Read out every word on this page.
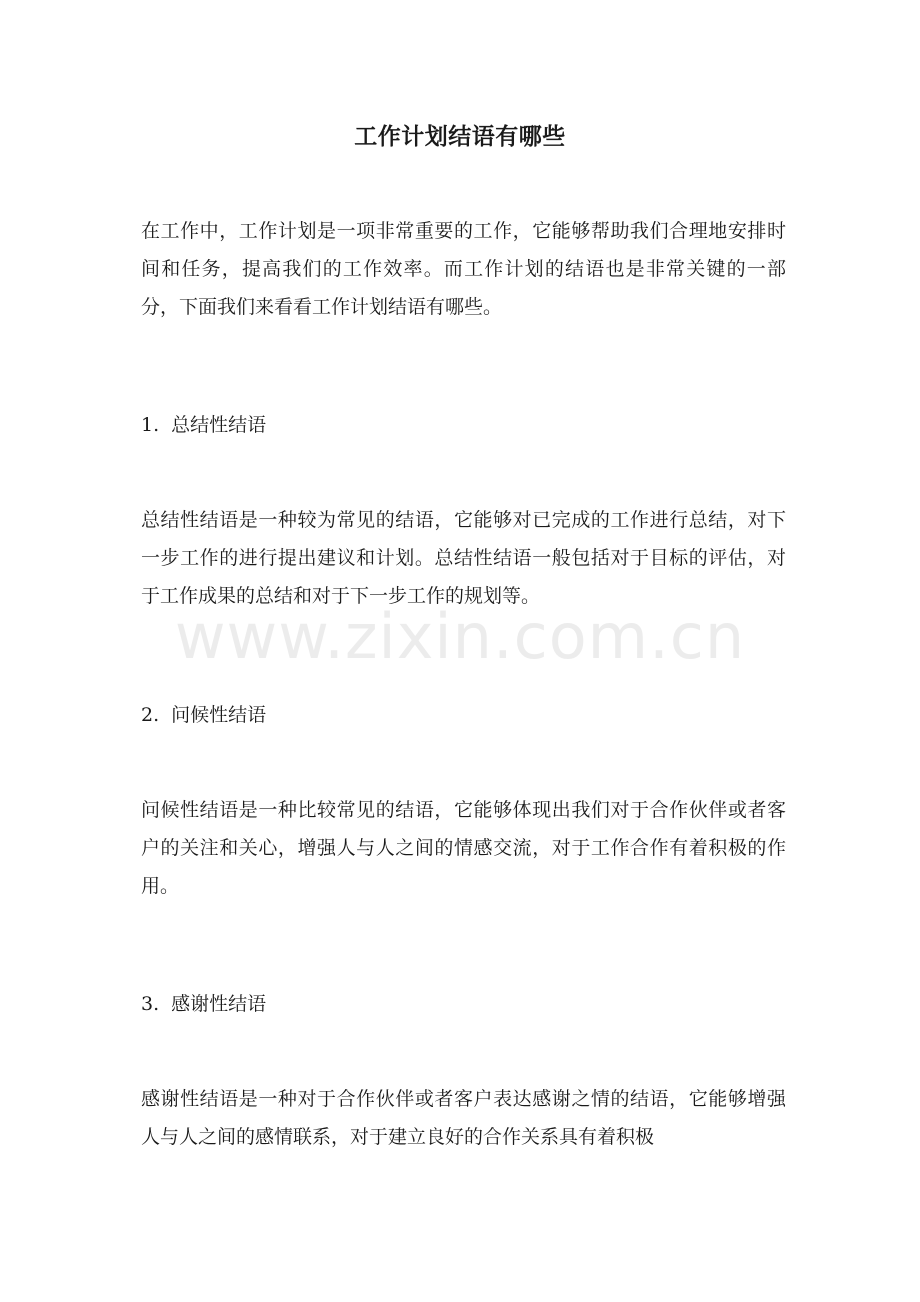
工作计划结语有哪些

在工作中，工作计划是一项非常重要的工作，它能够帮助我们合理地安排时间和任务，提高我们的工作效率。而工作计划的结语也是非常关键的一部分，下面我们来看看工作计划结语有哪些。

1. 总结性结语

总结性结语是一种较为常见的结语，它能够对已完成的工作进行总结，对下一步工作的进行提出建议和计划。总结性结语一般包括对于目标的评估，对于工作成果的总结和对于下一步工作的规划等。

2. 问候性结语

问候性结语是一种比较常见的结语，它能够体现出我们对于合作伙伴或者客户的关注和关心，增强人与人之间的情感交流，对于工作合作有着积极的作用。

3. 感谢性结语

感谢性结语是一种对于合作伙伴或者客户表达感谢之情的结语，它能够增强人与人之间的感情联系，对于建立良好的合作关系具有着积极

www.zixin.com.cn
